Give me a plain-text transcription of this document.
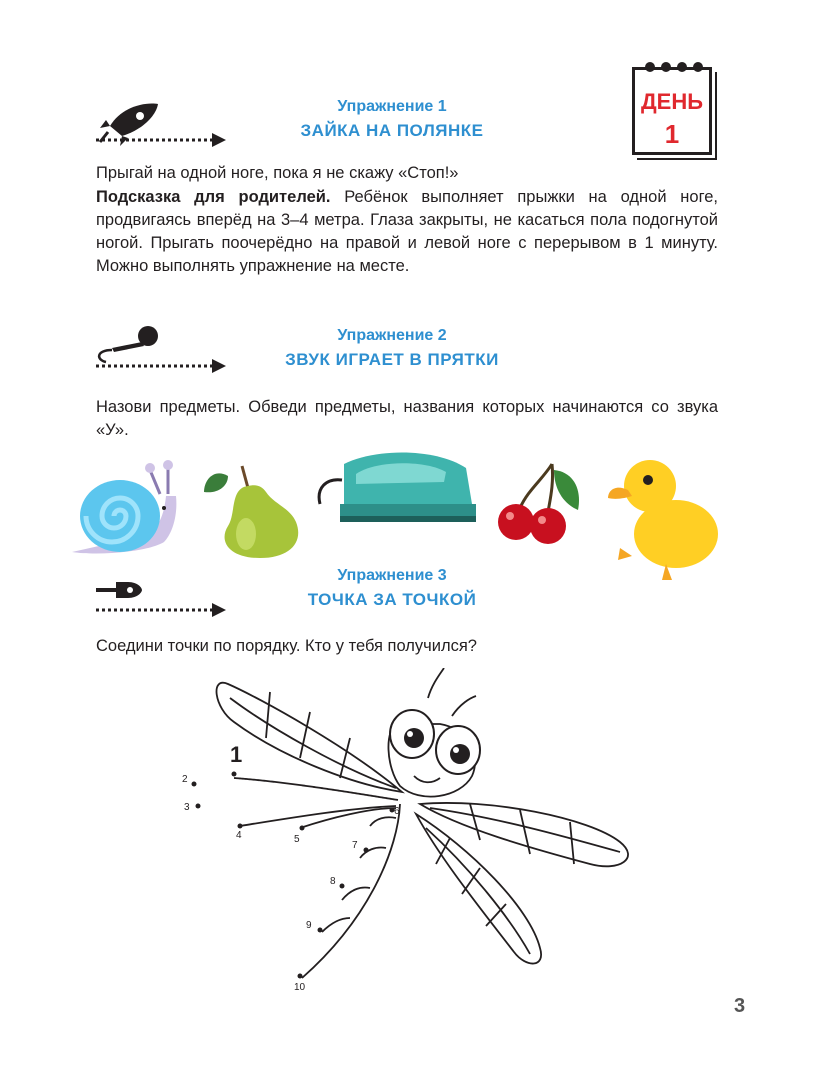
ДЕНЬ
1
Упражнение 1
ЗАЙКА НА ПОЛЯНКЕ
Прыгай на одной ноге, пока я не скажу «Стоп!»
Подсказка для родителей. Ребёнок выполняет прыжки на одной ноге, продвигаясь вперёд на 3–4 метра. Глаза закрыты, не касаться пола подогнутой ногой. Прыгать поочерёдно на правой и левой ноге с перерывом в 1 минуту. Можно выполнять упражнение на месте.
Упражнение 2
ЗВУК ИГРАЕТ В ПРЯТКИ
Назови предметы. Обведи предметы, названия которых начинаются со звука «У».
Упражнение 3
ТОЧКА ЗА ТОЧКОЙ
Соедини точки по порядку. Кто у тебя получился?
1
2
3
4	5
6
7
8
9
10
3
